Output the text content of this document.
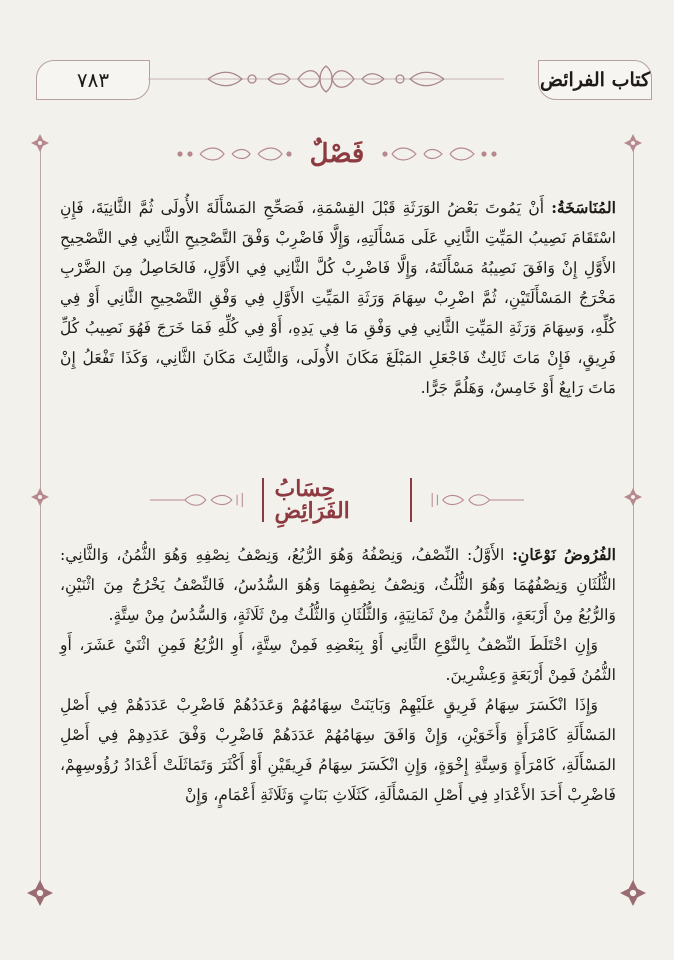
كتاب الفرائض
٧٨٣
فَصْلٌ

المُنَاسَخَةُ: أَنْ يَمُوتَ بَعْضُ الوَرَثَةِ قَبْلَ القِسْمَةِ، فَصَحِّحِ المَسْأَلَةَ الأُولَى ثُمَّ الثَّانِيَةَ، فَإِنِ اسْتَقَامَ نَصِيبُ المَيِّتِ الثَّانِي عَلَى مَسْأَلَتِهِ، وَإِلَّا فَاضْرِبْ وَفْقَ التَّصْحِيحِ الثَّانِي فِي التَّصْحِيحِ الأَوَّلِ إِنْ وَافَقَ نَصِيبُهُ مَسْأَلَتَهُ، وَإِلَّا فَاضْرِبْ كُلَّ الثَّانِي فِي الأَوَّلِ، فَالحَاصِلُ مِنَ الضَّرْبِ مَخْرَجُ المَسْأَلَتَيْنِ، ثُمَّ اضْرِبْ سِهَامَ وَرَثَةِ المَيِّتِ الأَوَّلِ فِي وَفْقِ التَّصْحِيحِ الثَّانِي أَوْ فِي كُلِّهِ، وَسِهَامَ وَرَثَةِ المَيِّتِ الثَّانِي فِي وَفْقِ مَا فِي يَدِهِ، أَوْ فِي كُلِّهِ فَمَا خَرَجَ فَهُوَ نَصِيبُ كُلِّ فَرِيقٍ، فَإِنْ مَاتَ ثَالِثٌ فَاجْعَلِ المَبْلَغَ مَكَانَ الأُولَى، وَالثَّالِثَ مَكَانَ الثَّانِي، وَكَذَا تَفْعَلُ إِنْ مَاتَ رَابِعٌ أَوْ خَامِسٌ، وَهَلُمَّ جَرًّا.

حِسَابُ الفَرَائِضِ

الفُرُوضُ نَوْعَانِ: الأَوَّلُ: النِّصْفُ، وَنِصْفُهُ وَهُوَ الرُّبُعُ، وَنِصْفُ نِصْفِهِ وَهُوَ الثُّمُنُ، وَالثَّانِي: الثُّلُثَانِ وَنِصْفُهُمَا وَهُوَ الثُّلُثُ، وَنِصْفُ نِصْفِهِمَا وَهُوَ السُّدُسُ، فَالنِّصْفُ يَخْرُجُ مِنَ اثْنَيْنِ، وَالرُّبُعُ مِنْ أَرْبَعَةٍ، وَالثُّمُنُ مِنْ ثَمَانِيَةٍ، وَالثُّلُثَانِ وَالثُّلُثُ مِنْ ثَلَاثَةٍ، وَالسُّدُسُ مِنْ سِتَّةٍ.

وَإِنِ اخْتَلَطَ النِّصْفُ بِالنَّوْعِ الثَّانِي أَوْ بِبَعْضِهِ فَمِنْ سِتَّةٍ، أَوِ الرُّبُعُ فَمِنِ اثْنَيْ عَشَرَ، أَوِ الثُّمُنُ فَمِنْ أَرْبَعَةٍ وَعِشْرِينَ.

وَإِذَا انْكَسَرَ سِهَامُ فَرِيقٍ عَلَيْهِمْ وَبَايَنَتْ سِهَامُهُمْ وَعَدَدُهُمْ فَاضْرِبْ عَدَدَهُمْ فِي أَصْلِ المَسْأَلَةِ كَامْرَأَةٍ وَأَخَوَيْنِ، وَإِنْ وَافَقَ سِهَامُهُمْ عَدَدَهُمْ فَاضْرِبْ وَفْقَ عَدَدِهِمْ فِي أَصْلِ المَسْأَلَةِ، كَامْرَأَةٍ وَسِتَّةِ إِخْوَةٍ، وَإِنِ انْكَسَرَ سِهَامُ فَرِيقَيْنِ أَوْ أَكْثَرَ وَتَمَاثَلَتْ أَعْدَادُ رُؤُوسِهِمْ، فَاضْرِبْ أَحَدَ الأَعْدَادِ فِي أَصْلِ المَسْأَلَةِ، كَثَلَاثِ بَنَاتٍ وَثَلَاثَةِ أَعْمَامٍ، وَإِنْ
